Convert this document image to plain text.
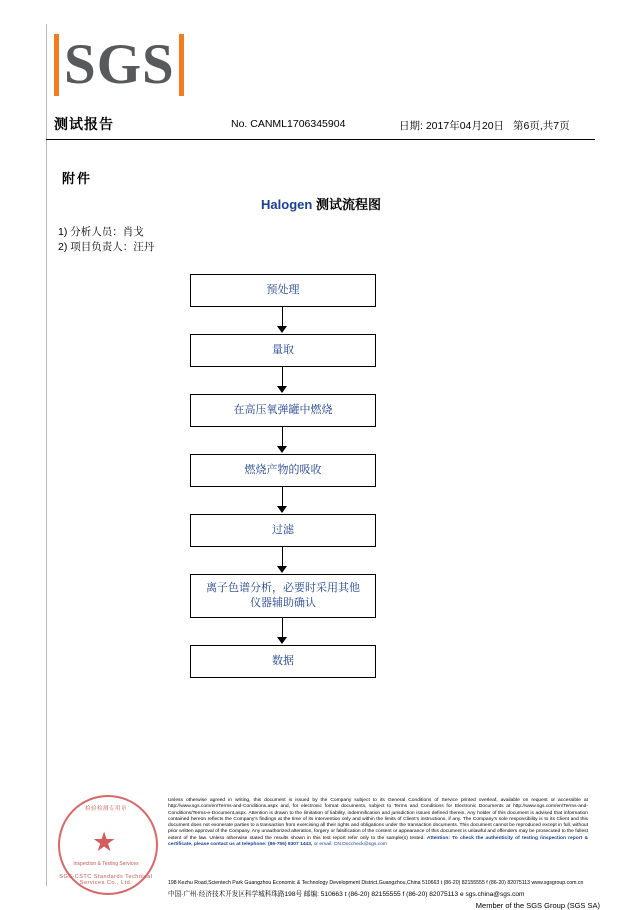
SGS
测试报告	No. CANML1706345904	日期: 2017年04月20日 第6页,共7页
附件
Halogen 测试流程图
1) 分析人员：肖戈
2) 项目负责人：汪丹
预处理
量取
在高压氧弹罐中燃烧
燃烧产物的吸收
过滤
离子色谱分析，必要时采用其他仪器辅助确认
数据
检验检测专用章
★
Inspection & Testing Services
SGS-CSTC Standards Technical Services Co., Ltd.
Unless otherwise agreed in writing, this document is issued by the Company subject to its General Conditions of Service printed overleaf, available on request or accessible at http://www.sgs.com/en/Terms-and-Conditions.aspx and, for electronic format documents, subject to Terms and Conditions for Electronic Documents at http://www.sgs.com/en/Terms-and-Conditions/Terms-e-Document.aspx. Attention is drawn to the limitation of liability, indemnification and jurisdiction issues defined therein. Any holder of this document is advised that information contained hereon reflects the Company's findings at the time of its intervention only and within the limits of Client's instructions, if any. The Company's sole responsibility is to its Client and this document does not exonerate parties to a transaction from exercising all their rights and obligations under the transaction documents. This document cannot be reproduced except in full, without prior written approval of the Company. Any unauthorized alteration, forgery or falsification of the content or appearance of this document is unlawful and offenders may be prosecuted to the fullest extent of the law. Unless otherwise stated the results shown in this test report refer only to the sample(s) tested. Attention: To check the authenticity of testing /inspection report & certificate, please contact us at telephone: (86-755) 8307 1443, or email: CN.Doccheck@sgs.com
198 Kezhu Road,Scientech Park Guangzhou Economic & Technology Development District,Guangzhou,China 510663 t (86-20) 82155555 f (86-20) 82075113 www.sgsgroup.com.cn
中国·广州·经济技术开发区科学城科珠路198号 邮编: 510663 t (86-20) 82155555 f (86-20) 82075113 e sgs.china@sgs.com
Member of the SGS Group (SGS SA)
